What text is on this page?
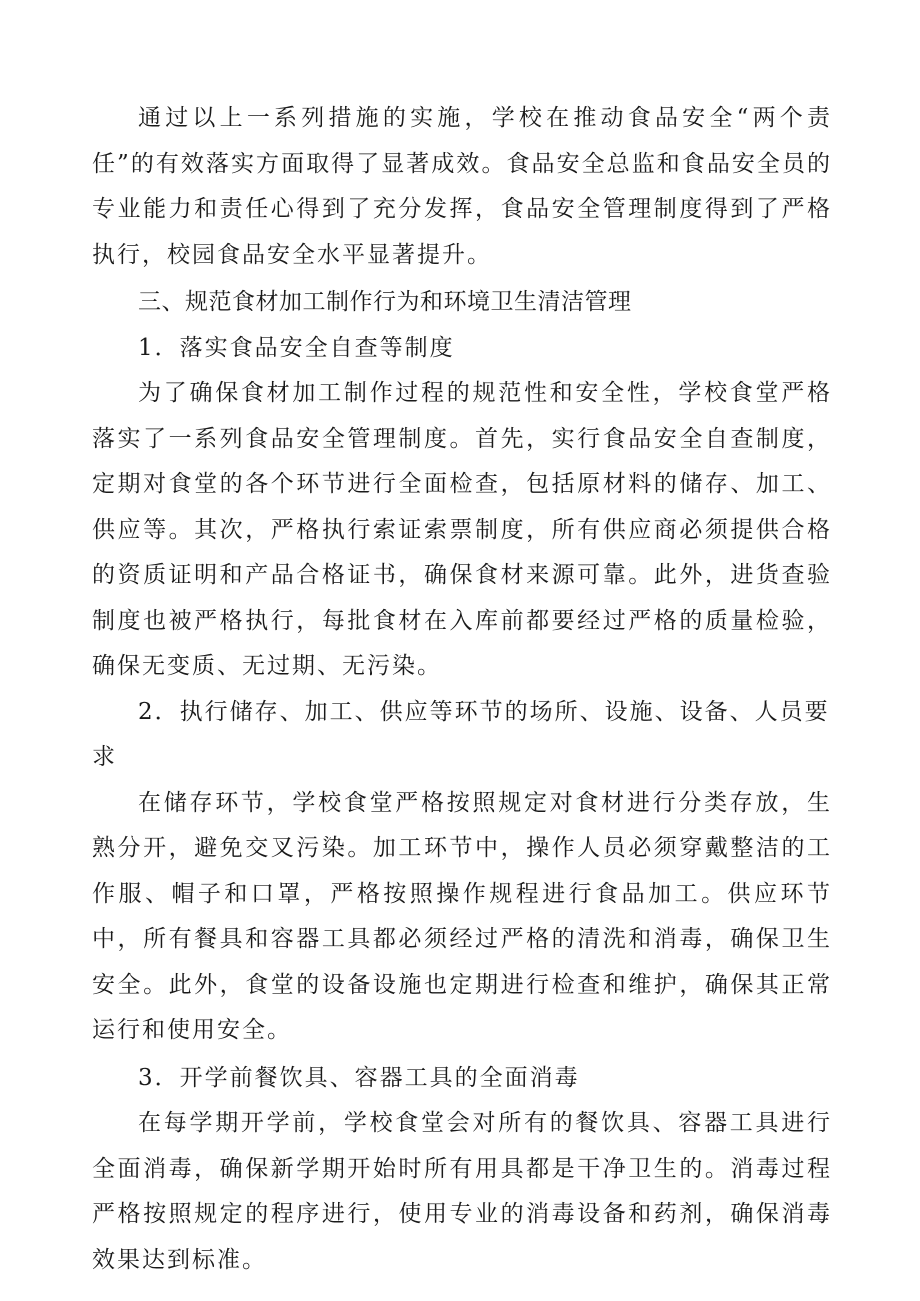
通过以上一系列措施的实施，学校在推动食品安全“两个责任”的有效落实方面取得了显著成效。食品安全总监和食品安全员的专业能力和责任心得到了充分发挥，食品安全管理制度得到了严格执行，校园食品安全水平显著提升。

三、规范食材加工制作行为和环境卫生清洁管理

1．落实食品安全自查等制度

为了确保食材加工制作过程的规范性和安全性，学校食堂严格落实了一系列食品安全管理制度。首先，实行食品安全自查制度，定期对食堂的各个环节进行全面检查，包括原材料的储存、加工、供应等。其次，严格执行索证索票制度，所有供应商必须提供合格的资质证明和产品合格证书，确保食材来源可靠。此外，进货查验制度也被严格执行，每批食材在入库前都要经过严格的质量检验，确保无变质、无过期、无污染。

2．执行储存、加工、供应等环节的场所、设施、设备、人员要求

在储存环节，学校食堂严格按照规定对食材进行分类存放，生熟分开，避免交叉污染。加工环节中，操作人员必须穿戴整洁的工作服、帽子和口罩，严格按照操作规程进行食品加工。供应环节中，所有餐具和容器工具都必须经过严格的清洗和消毒，确保卫生安全。此外，食堂的设备设施也定期进行检查和维护，确保其正常运行和使用安全。

3．开学前餐饮具、容器工具的全面消毒

在每学期开学前，学校食堂会对所有的餐饮具、容器工具进行全面消毒，确保新学期开始时所有用具都是干净卫生的。消毒过程严格按照规定的程序进行，使用专业的消毒设备和药剂，确保消毒效果达到标准。
